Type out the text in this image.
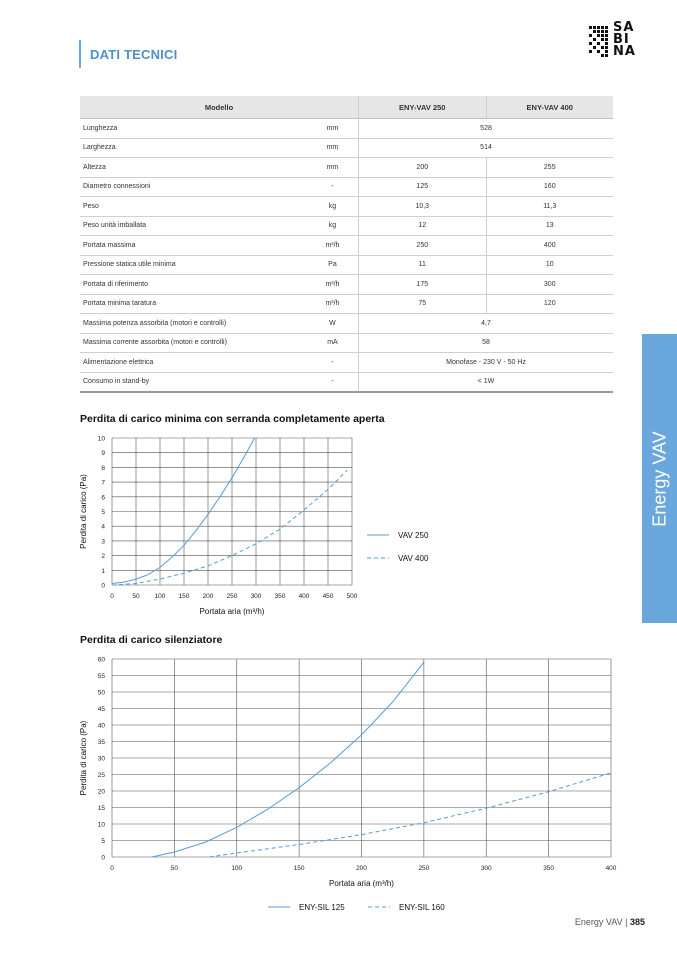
DATI TECNICI
SA
BI
NA
Modello		ENY-VAV 250	ENY-VAV 400
Lunghezza	mm	528	
Larghezza	mm	514	
Altezza	mm	200	255
Diametro connessioni	-	125	160
Peso	kg	10,3	11,3
Peso unità imballata	kg	12	13
Portata massima	m³/h	250	400
Pressione statica utile minima	Pa	11	10
Portata di riferimento	m³/h	175	300
Portata minima taratura	m³/h	75	120
Massima potenza assorbita (motori e controlli)	W	4,7	
Massima corrente assorbita (motori e controlli)	mA	58	
Alimentazione elettrica	-	Monofase - 230 V - 50 Hz	
Consumo in stand-by	-	< 1W	
Energy VAV
Perdita di carico minima con serranda completamente aperta
Perdita di carico silenziatore
0	50 100 150 200 250 300 350 400 450 500
0
1
2
3
4
5
6
7
8
9
10
Portata aria (m³/h)
Perdita di carico (Pa)	VAV 250
VAV 400
0	50	100	150	200	250	300	350	400
0
5
10
15
20
25
30
35
40
45
50
55
60
Portata aria (m³/h)
Perdita di carico (Pa)
ENY-SIL 125	ENY-SIL 160
Energy VAV | 385
